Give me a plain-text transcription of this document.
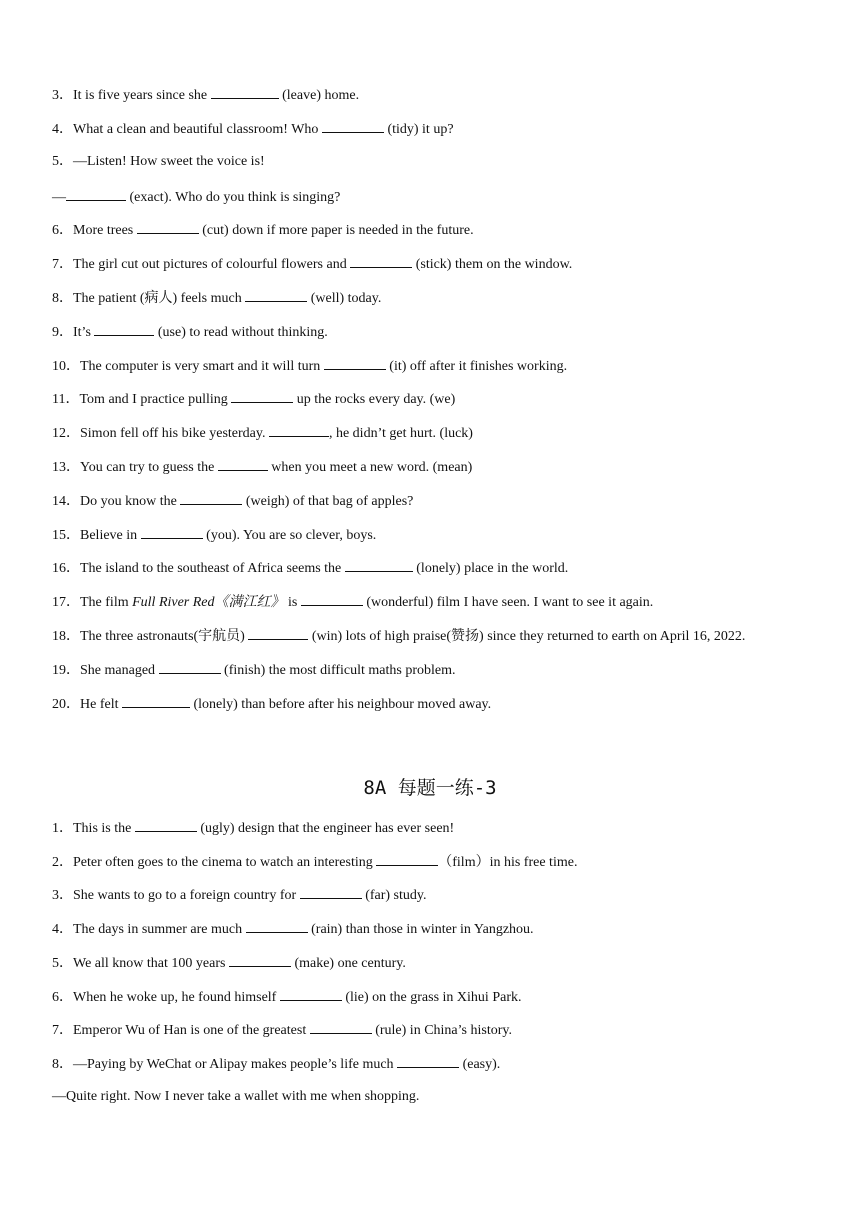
3．It is five years since she	(leave) home.
4．What a clean and beautiful classroom! Who	(tidy) it up?
5．—Listen! How sweet the voice is!
—	(exact). Who do you think is singing?
6．More trees	(cut) down if more paper is needed in the future.
7．The girl cut out pictures of colourful flowers and	(stick) them on the window.
8．The patient (病人) feels much	(well) today.
9．It’s	(use) to read without thinking.
10．The computer is very smart and it will turn	(it) off after it finishes working.
11．Tom and I practice pulling	up the rocks every day. (we)
12．Simon fell off his bike yesterday.	, he didn’t get hurt. (luck)
13．You can try to guess the	when you meet a new word. (mean)
14．Do you know the	(weigh) of that bag of apples?
15．Believe in	(you). You are so clever, boys.
16．The island to the southeast of Africa seems the	(lonely) place in the world.
17．The film Full River Red《满江红》 is	(wonderful) film I have seen. I want to see it again.
18．The three astronauts(宇航员)	(win) lots of high praise(赞扬) since they returned to earth on April 16, 2022.
19．She managed	(finish) the most difficult maths problem.
20．He felt	(lonely) than before after his neighbour moved away.
8A 每题一练-3
1．This is the	(ugly) design that the engineer has ever seen!
2．Peter often goes to the cinema to watch an interesting	（film）in his free time.
3．She wants to go to a foreign country for	(far) study.
4．The days in summer are much	(rain) than those in winter in Yangzhou.
5．We all know that 100 years	(make) one century.
6．When he woke up, he found himself	(lie) on the grass in Xihui Park.
7．Emperor Wu of Han is one of the greatest	(rule) in China’s history.
8．—Paying by WeChat or Alipay makes people’s life much	(easy).
—Quite right. Now I never take a wallet with me when shopping.
